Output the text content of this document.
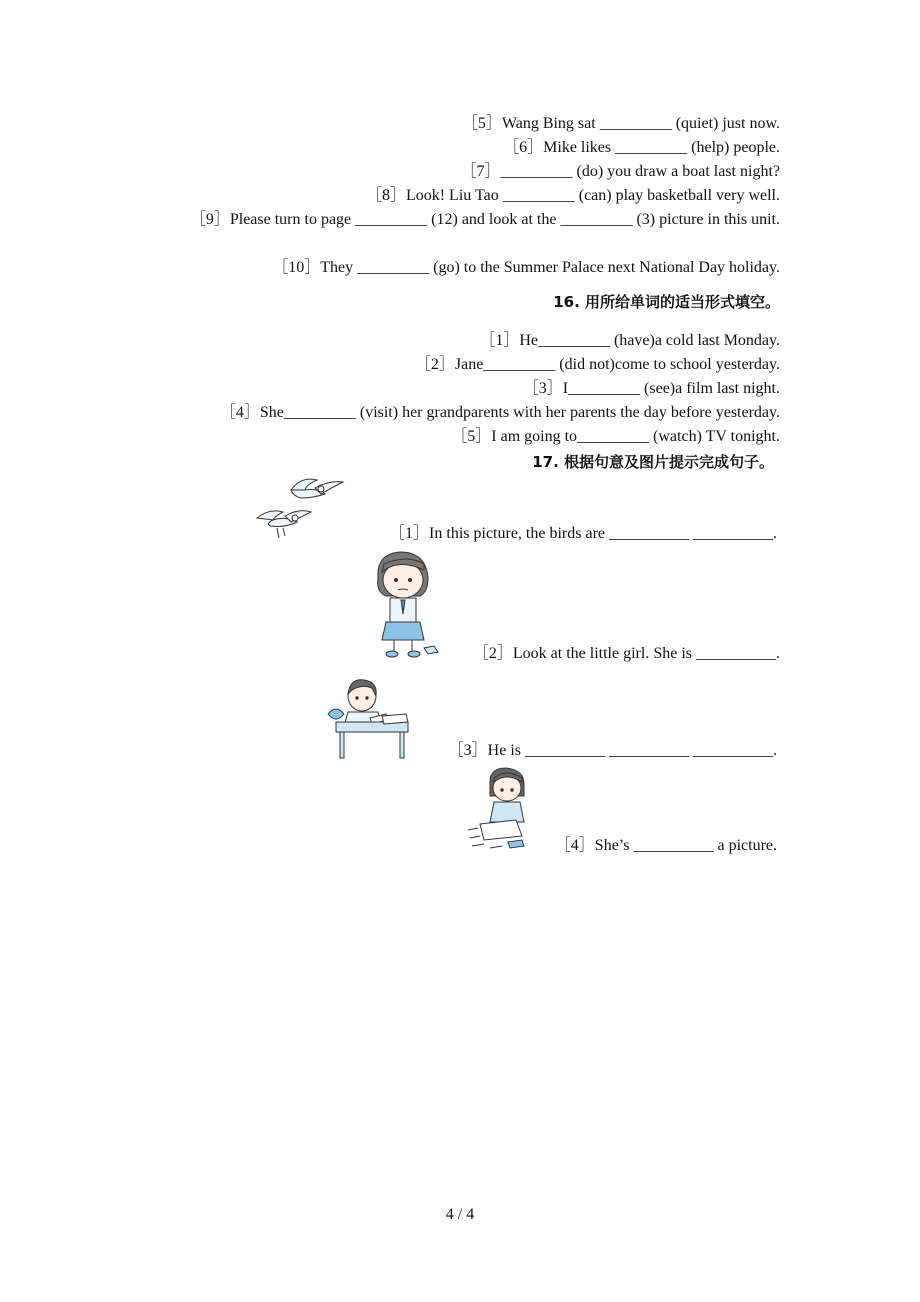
［5］Wang Bing sat _________ (quiet) just now.
［6］Mike likes _________ (help) people.
［7］_________ (do) you draw a boat last night?
［8］Look! Liu Tao _________ (can) play basketball very well.
［9］Please turn to page _________ (12) and look at the _________ (3) picture in this unit.
［10］They _________ (go) to the Summer Palace next National Day holiday.
16. 用所给单词的适当形式填空。
［1］He_________ (have)a cold last Monday.
［2］Jane_________ (did not)come to school yesterday.
［3］I_________ (see)a film last night.
［4］She_________ (visit) her grandparents with her parents the day before yesterday.
［5］I am going to_________ (watch) TV tonight.
17. 根据句意及图片提示完成句子。
［1］In this picture, the birds are __________ __________.
［2］Look at the little girl. She is __________.
［3］He is __________ __________ __________.
［4］She’s __________ a picture.
4 / 4
